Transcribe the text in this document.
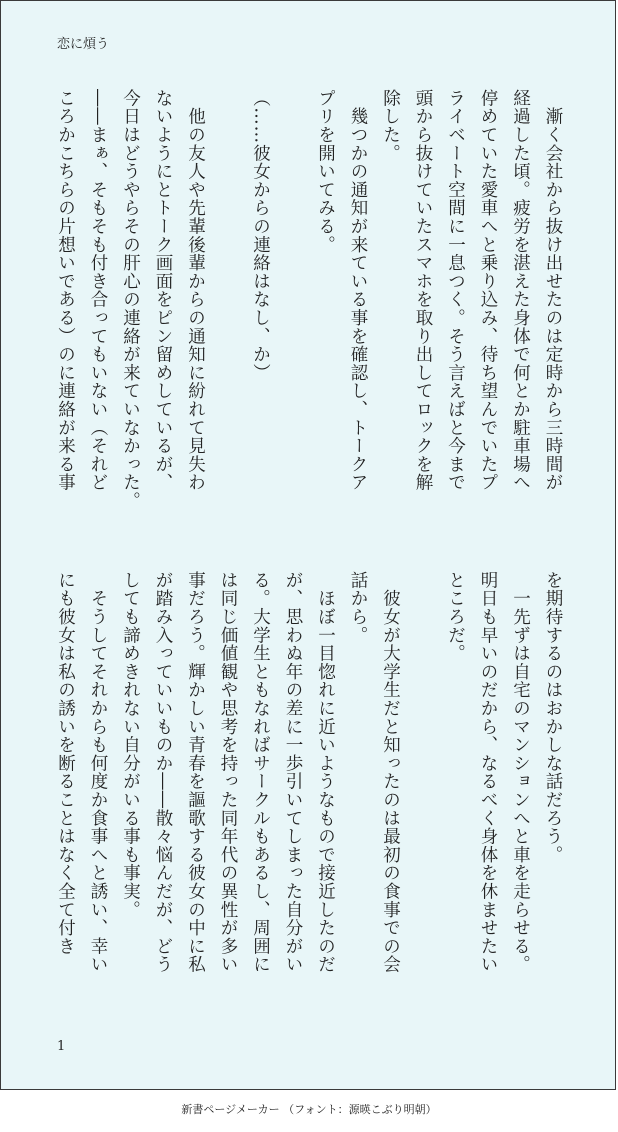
恋に煩う
　漸く会社から抜け出せたのは定時から三時間が
経過した頃。疲労を湛えた身体で何とか駐車場へ
停めていた愛車へと乗り込み、待ち望んでいたプ
ライベート空間に一息つく。そう言えばと今まで
頭から抜けていたスマホを取り出してロックを解
除した。
　幾つかの通知が来ている事を確認し、トークア
プリを開いてみる。

（……彼女からの連絡はなし、か）

　他の友人や先輩後輩からの通知に紛れて見失わ
ないようにとトーク画面をピン留めしているが、
今日はどうやらその肝心の連絡が来ていなかった。
――まぁ、そもそも付き合ってもいない（それど
ころかこちらの片想いである）のに連絡が来る事
を期待するのはおかしな話だろう。
　一先ずは自宅のマンションへと車を走らせる。
明日も早いのだから、なるべく身体を休ませたい
ところだ。

　彼女が大学生だと知ったのは最初の食事での会
話から。
　ほぼ一目惚れに近いようなもので接近したのだ
が、思わぬ年の差に一歩引いてしまった自分がい
る。大学生ともなればサークルもあるし、周囲に
は同じ価値観や思考を持った同年代の異性が多い
事だろう。輝かしい青春を謳歌する彼女の中に私
が踏み入っていいものか――散々悩んだが、どう
しても諦めきれない自分がいる事も事実。
　そうしてそれからも何度か食事へと誘い、幸い
にも彼女は私の誘いを断ることはなく全て付き
1
新書ページメーカー （フォント：源暎こぶり明朝）
